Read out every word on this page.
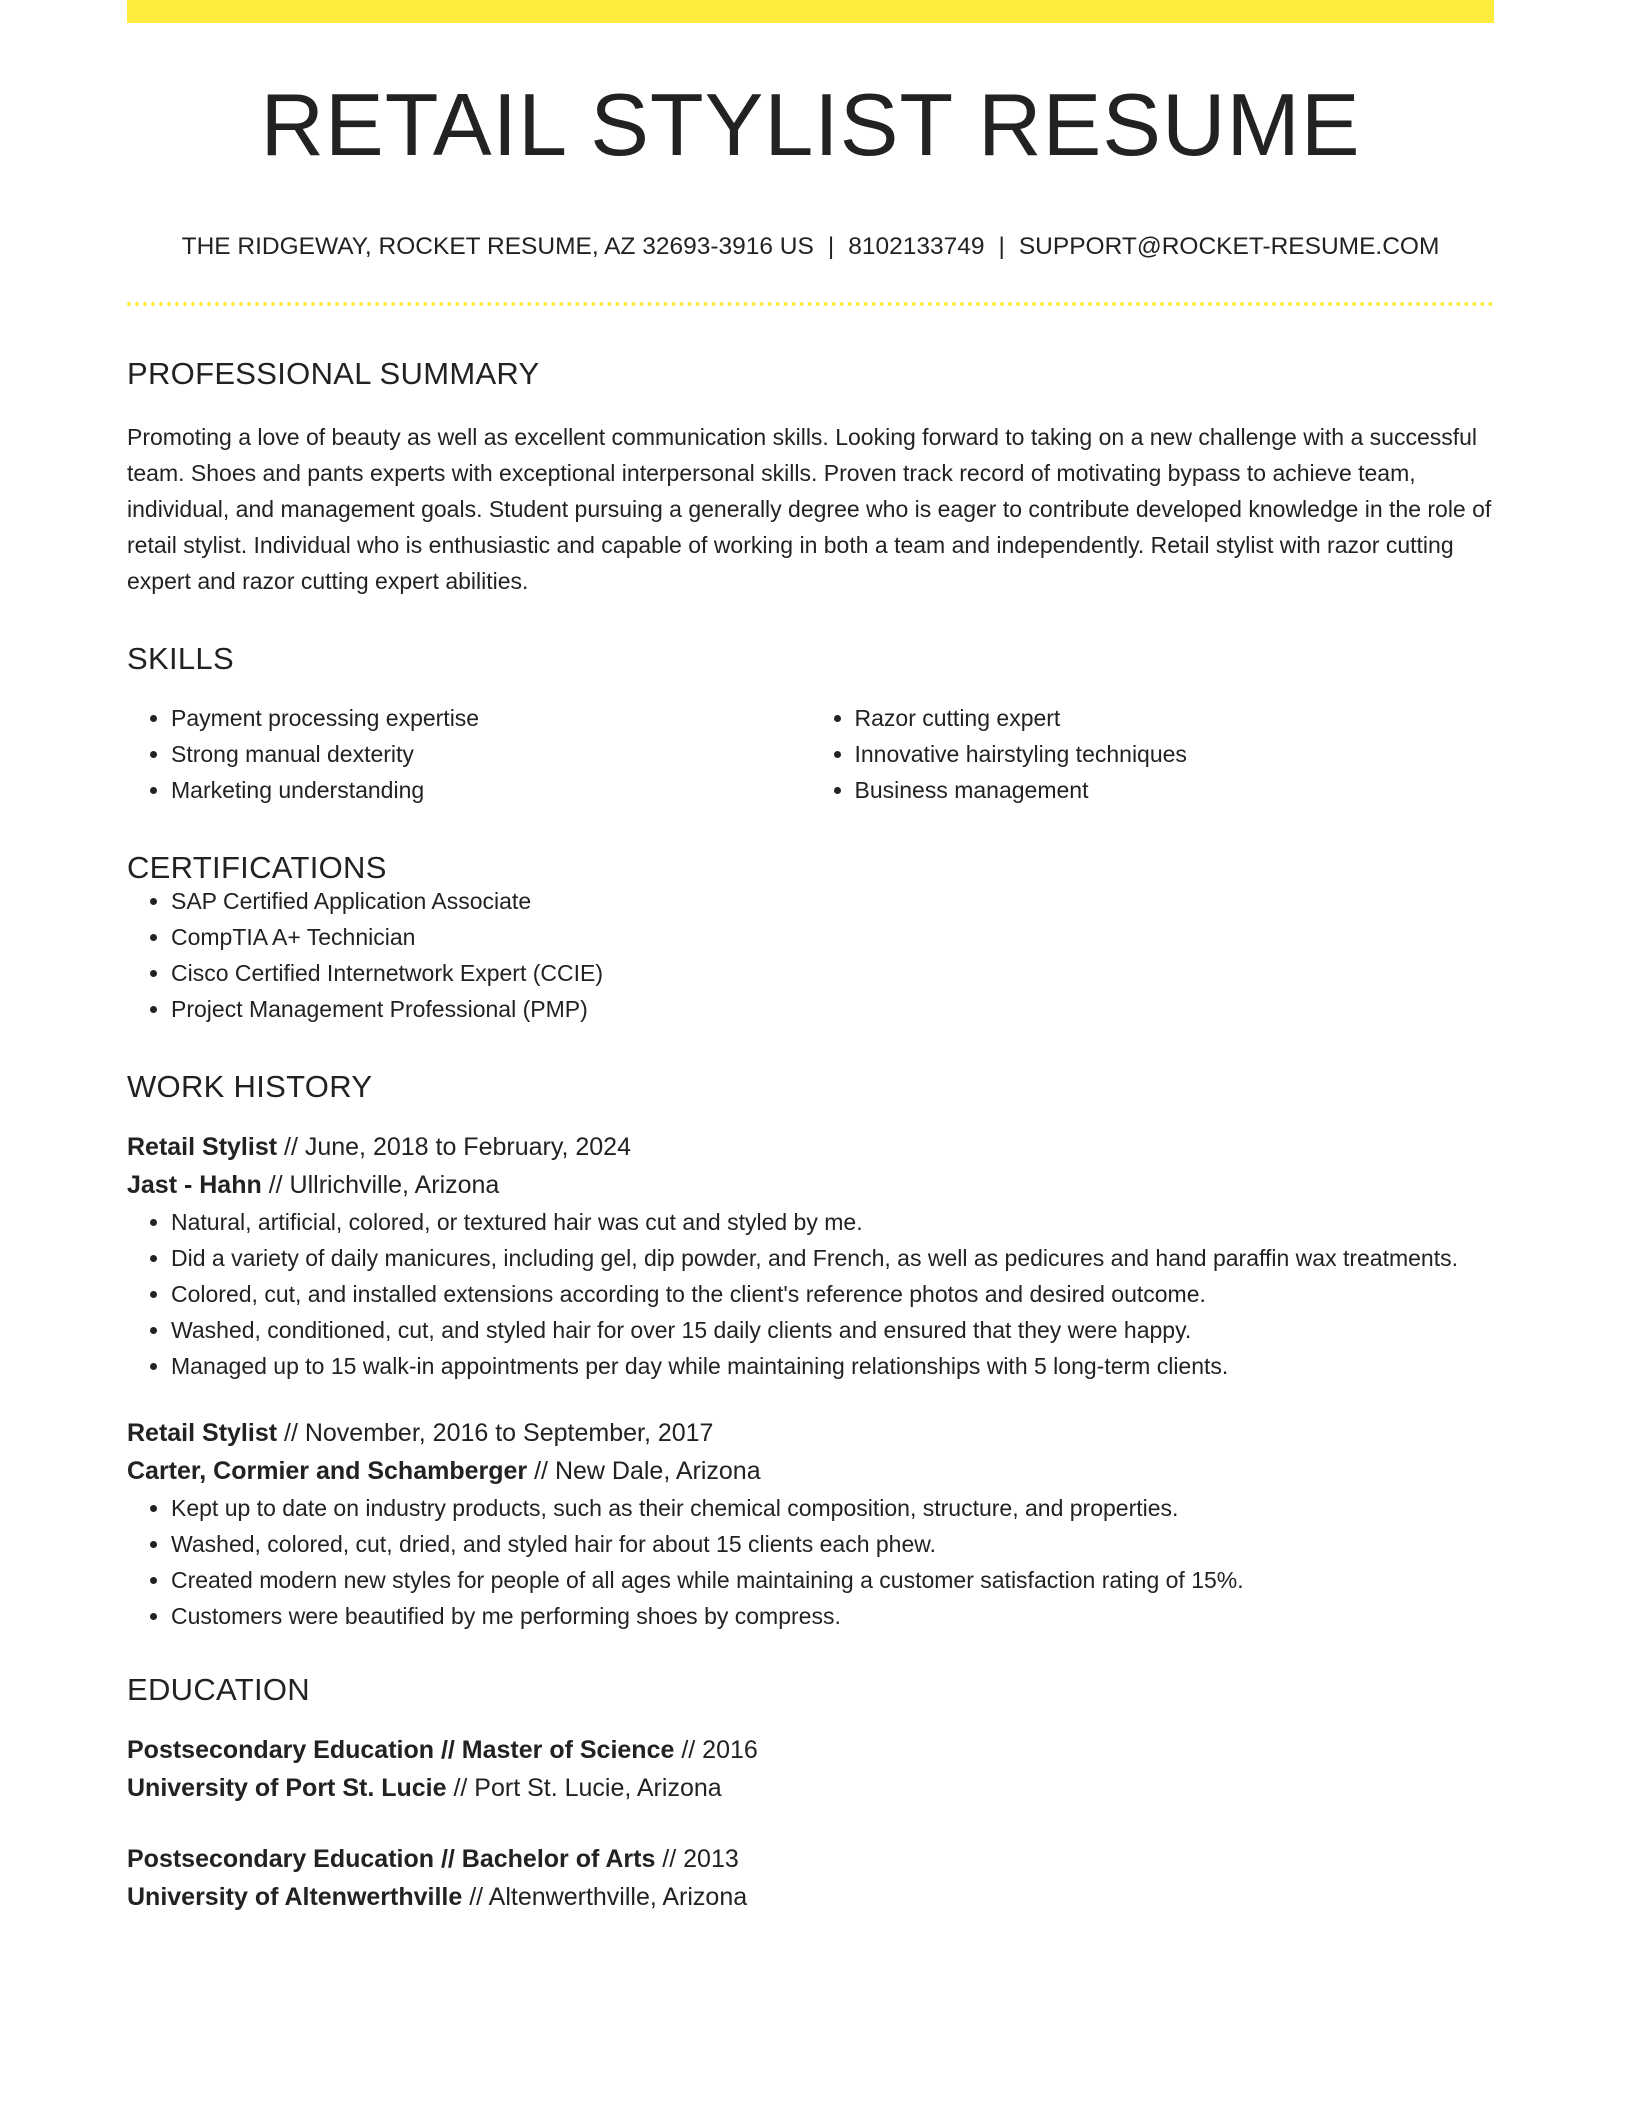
RETAIL STYLIST RESUME
THE RIDGEWAY, ROCKET RESUME, AZ 32693-3916 US | 8102133749 | SUPPORT@ROCKET-RESUME.COM
PROFESSIONAL SUMMARY

Promoting a love of beauty as well as excellent communication skills. Looking forward to taking on a new challenge with a successful team. Shoes and pants experts with exceptional interpersonal skills. Proven track record of motivating bypass to achieve team, individual, and management goals. Student pursuing a generally degree who is eager to contribute developed knowledge in the role of retail stylist. Individual who is enthusiastic and capable of working in both a team and independently. Retail stylist with razor cutting expert and razor cutting expert abilities.

SKILLS
• Payment processing expertise
• Strong manual dexterity
• Marketing understanding
• Razor cutting expert
• Innovative hairstyling techniques
• Business management
CERTIFICATIONS
• SAP Certified Application Associate
• CompTIA A+ Technician
• Cisco Certified Internetwork Expert (CCIE)
• Project Management Professional (PMP)
WORK HISTORY
Retail Stylist // June, 2018 to February, 2024
Jast - Hahn // Ullrichville, Arizona
• Natural, artificial, colored, or textured hair was cut and styled by me.
• Did a variety of daily manicures, including gel, dip powder, and French, as well as pedicures and hand paraffin wax treatments.
• Colored, cut, and installed extensions according to the client's reference photos and desired outcome.
• Washed, conditioned, cut, and styled hair for over 15 daily clients and ensured that they were happy.
• Managed up to 15 walk-in appointments per day while maintaining relationships with 5 long-term clients.
Retail Stylist // November, 2016 to September, 2017
Carter, Cormier and Schamberger // New Dale, Arizona
• Kept up to date on industry products, such as their chemical composition, structure, and properties.
• Washed, colored, cut, dried, and styled hair for about 15 clients each phew.
• Created modern new styles for people of all ages while maintaining a customer satisfaction rating of 15%.
• Customers were beautified by me performing shoes by compress.
EDUCATION
Postsecondary Education // Master of Science // 2016
University of Port St. Lucie // Port St. Lucie, Arizona
Postsecondary Education // Bachelor of Arts // 2013
University of Altenwerthville // Altenwerthville, Arizona
